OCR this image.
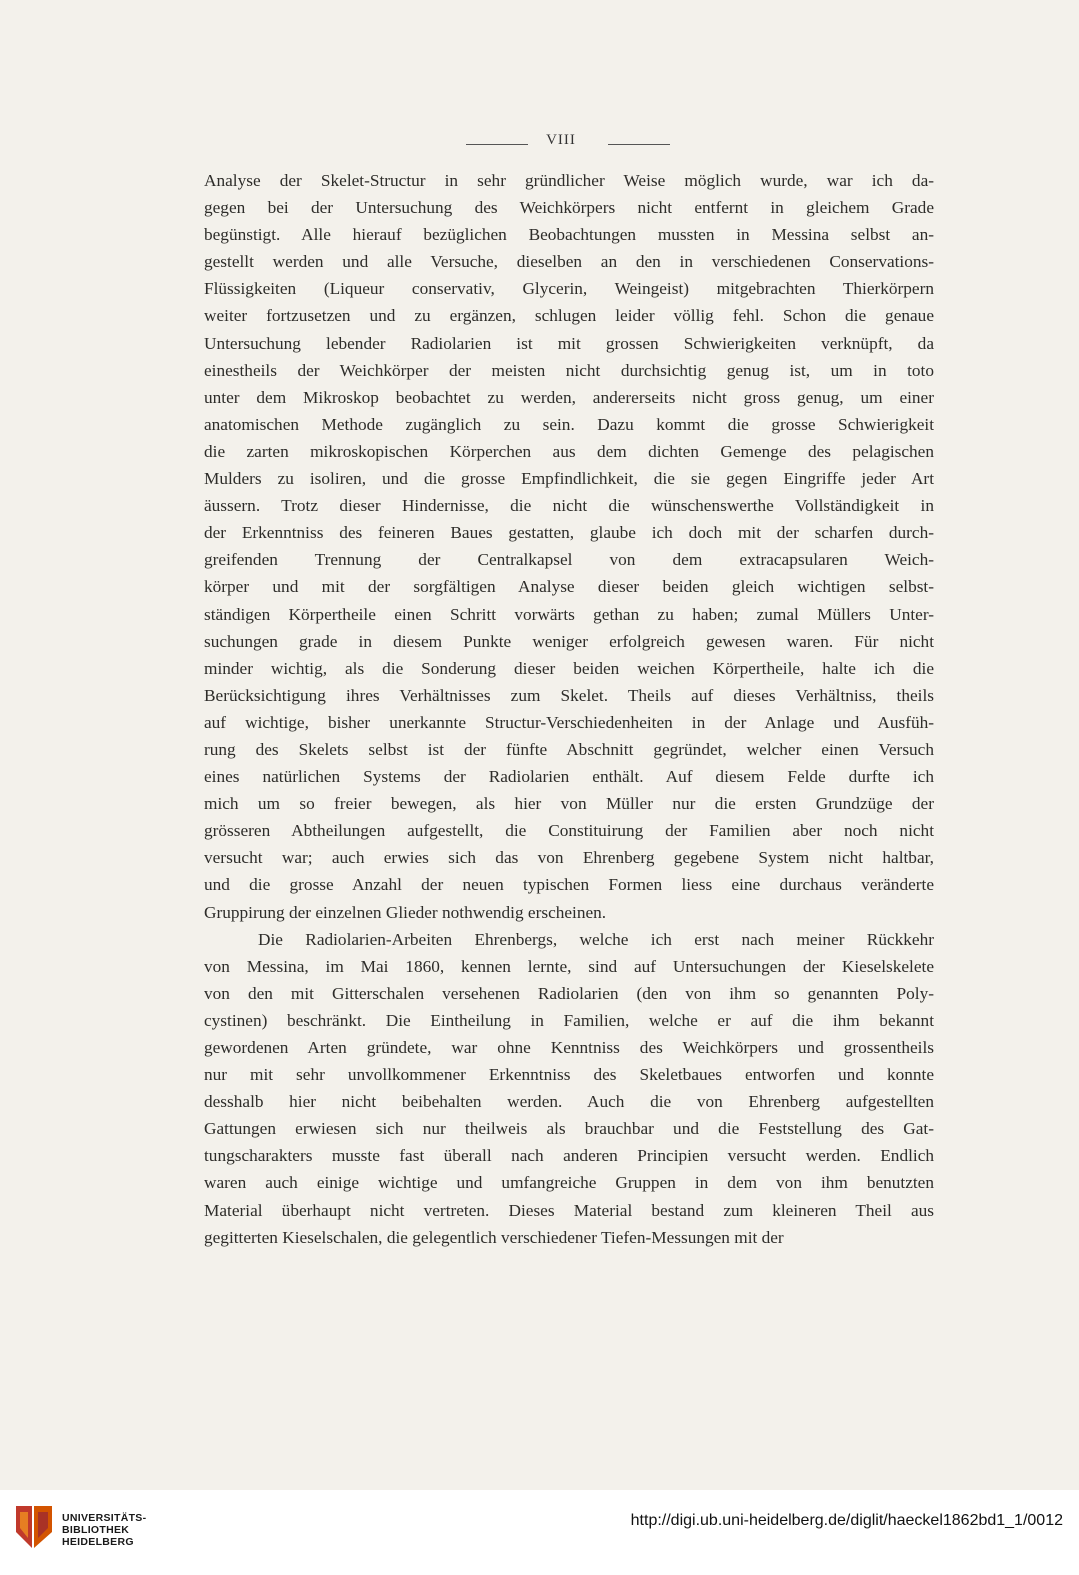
VIII
Analyse der Skelet-Structur in sehr gründlicher Weise möglich wurde, war ich da-
gegen bei der Untersuchung des Weichkörpers nicht entfernt in gleichem Grade
begünstigt. Alle hierauf bezüglichen Beobachtungen mussten in Messina selbst an-
gestellt werden und alle Versuche, dieselben an den in verschiedenen Conservations-
Flüssigkeiten (Liqueur conservativ, Glycerin, Weingeist) mitgebrachten Thierkörpern
weiter fortzusetzen und zu ergänzen, schlugen leider völlig fehl. Schon die genaue
Untersuchung lebender Radiolarien ist mit grossen Schwierigkeiten verknüpft, da
einestheils der Weichkörper der meisten nicht durchsichtig genug ist, um in toto
unter dem Mikroskop beobachtet zu werden, andererseits nicht gross genug, um einer
anatomischen Methode zugänglich zu sein. Dazu kommt die grosse Schwierigkeit
die zarten mikroskopischen Körperchen aus dem dichten Gemenge des pelagischen
Mulders zu isoliren, und die grosse Empfindlichkeit, die sie gegen Eingriffe jeder Art
äussern. Trotz dieser Hindernisse, die nicht die wünschenswerthe Vollständigkeit in
der Erkenntniss des feineren Baues gestatten, glaube ich doch mit der scharfen durch-
greifenden Trennung der Centralkapsel von dem extracapsularen Weich-
körper und mit der sorgfältigen Analyse dieser beiden gleich wichtigen selbst-
ständigen Körpertheile einen Schritt vorwärts gethan zu haben; zumal Müllers Unter-
suchungen grade in diesem Punkte weniger erfolgreich gewesen waren. Für nicht
minder wichtig, als die Sonderung dieser beiden weichen Körpertheile, halte ich die
Berücksichtigung ihres Verhältnisses zum Skelet. Theils auf dieses Verhältniss, theils
auf wichtige, bisher unerkannte Structur-Verschiedenheiten in der Anlage und Ausfüh-
rung des Skelets selbst ist der fünfte Abschnitt gegründet, welcher einen Versuch
eines natürlichen Systems der Radiolarien enthält. Auf diesem Felde durfte ich
mich um so freier bewegen, als hier von Müller nur die ersten Grundzüge der
grösseren Abtheilungen aufgestellt, die Constituirung der Familien aber noch nicht
versucht war; auch erwies sich das von Ehrenberg gegebene System nicht haltbar,
und die grosse Anzahl der neuen typischen Formen liess eine durchaus veränderte
Gruppirung der einzelnen Glieder nothwendig erscheinen.
Die Radiolarien-Arbeiten Ehrenbergs, welche ich erst nach meiner Rückkehr
von Messina, im Mai 1860, kennen lernte, sind auf Untersuchungen der Kieselskelete
von den mit Gitterschalen versehenen Radiolarien (den von ihm so genannten Poly-
cystinen) beschränkt. Die Eintheilung in Familien, welche er auf die ihm bekannt
gewordenen Arten gründete, war ohne Kenntniss des Weichkörpers und grossentheils
nur mit sehr unvollkommener Erkenntniss des Skeletbaues entworfen und konnte
desshalb hier nicht beibehalten werden. Auch die von Ehrenberg aufgestellten
Gattungen erwiesen sich nur theilweis als brauchbar und die Feststellung des Gat-
tungscharakters musste fast überall nach anderen Principien versucht werden. Endlich
waren auch einige wichtige und umfangreiche Gruppen in dem von ihm benutzten
Material überhaupt nicht vertreten. Dieses Material bestand zum kleineren Theil aus
gegitterten Kieselschalen, die gelegentlich verschiedener Tiefen-Messungen mit der
UNIVERSITÄTS-
BIBLIOTHEK
HEIDELBERG
http://digi.ub.uni-heidelberg.de/diglit/haeckel1862bd1_1/0012
